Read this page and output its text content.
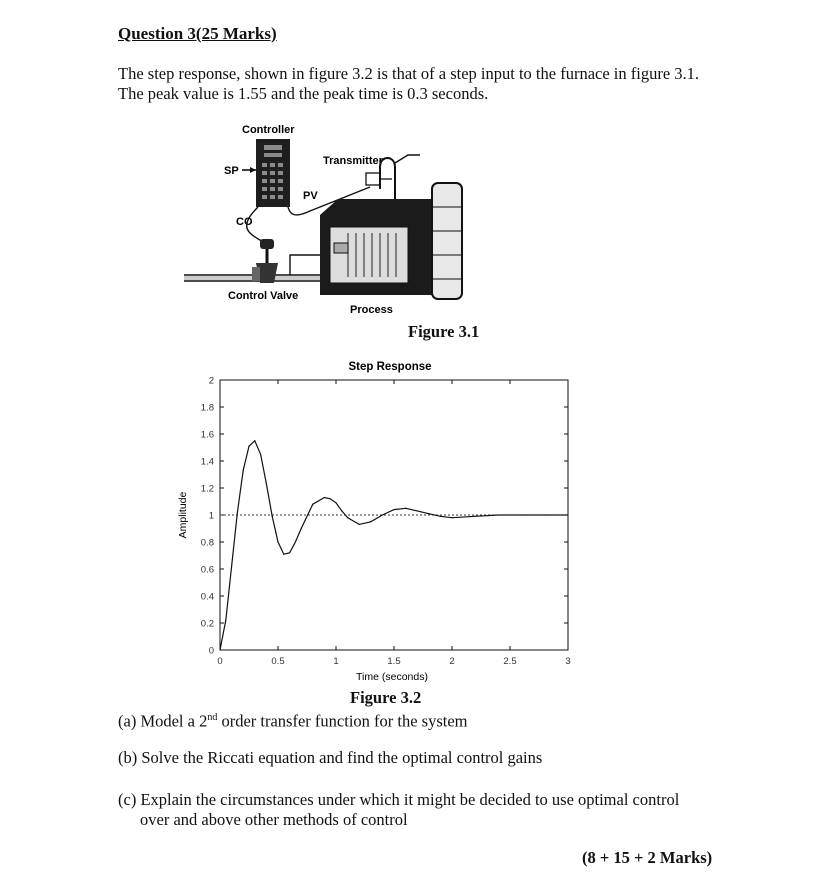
Question 3(25 Marks)
The step response, shown in figure 3.2 is that of a step input to the furnace in figure 3.1.
The peak value is 1.55 and the peak time is 0.3 seconds.
Controller
SP
Transmitter
PV
CO
Control Valve
Process
Figure 3.1
Step Response
0
0.2
0.4
0.6
0.8
1
1.2
1.4
1.6
1.8
2
0	0.5	1	1.5	2	2.5	3
Time (seconds)
Amplitude
Figure 3.2
(a) Model a 2nd order transfer function for the system
(b) Solve the Riccati equation and find the optimal control gains
(c) Explain the circumstances under which it might be decided to use optimal control
over and above other methods of control
(8 + 15 + 2 Marks)
